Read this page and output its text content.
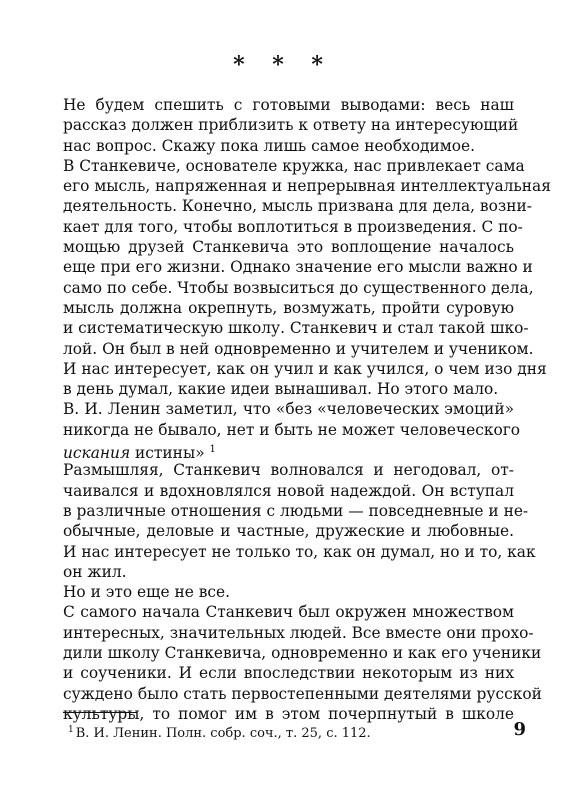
* * *
Не будем спешить с готовыми выводами: весь наш
рассказ должен приблизить к ответу на интересующий
нас вопрос. Скажу пока лишь самое необходимое.
В Станкевиче, основателе кружка, нас привлекает сама
его мысль, напряженная и непрерывная интеллектуальная
деятельность. Конечно, мысль призвана для дела, возни-
кает для того, чтобы воплотиться в произведения. С по-
мощью друзей Станкевича это воплощение началось
еще при его жизни. Однако значение его мысли важно и
само по себе. Чтобы возвыситься до существенного дела,
мысль должна окрепнуть, возмужать, пройти суровую
и систематическую школу. Станкевич и стал такой шко-
лой. Он был в ней одновременно и учителем и учеником.
И нас интересует, как он учил и как учился, о чем изо дня
в день думал, какие идеи вынашивал. Но этого мало.
В. И. Ленин заметил, что «без «человеческих эмоций»
никогда не бывало, нет и быть не может человеческого
искания истины» $^1$
Размышляя, Станкевич волновался и негодовал, от-
чаивался и вдохновлялся новой надеждой. Он вступал
в различные отношения с людьми — повседневные и не-
обычные, деловые и частные, дружеские и любовные.
И нас интересует не только то, как он думал, но и то, как
он жил.
Но и это еще не все.
С самого начала Станкевич был окружен множеством
интересных, значительных людей. Все вместе они прохо-
дили школу Станкевича, одновременно и как его ученики
и соученики. И если впоследствии некоторым из них
суждено было стать первостепенными деятелями русской
культуры, то помог им в этом почерпнутый в школе
$^1$ В. И. Ленин. Полн. собр. соч., т. 25, с. 112.	9
